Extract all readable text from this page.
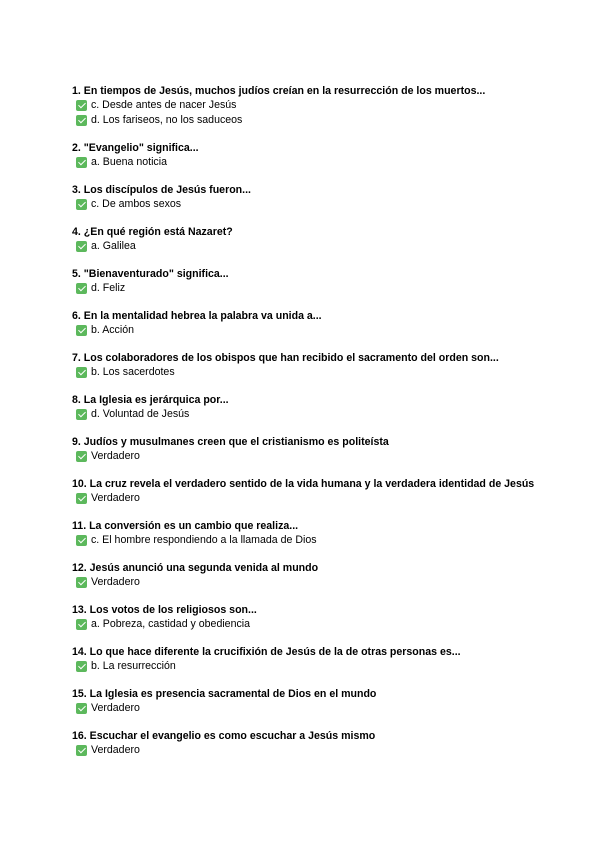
1. En tiempos de Jesús, muchos judíos creían en la resurrección de los muertos...

c. Desde antes de nacer Jesús
d. Los fariseos, no los saduceos

2. "Evangelio" significa...

a. Buena noticia

3. Los discípulos de Jesús fueron...

c. De ambos sexos

4. ¿En qué región está Nazaret?

a. Galilea

5. "Bienaventurado" significa...

d. Feliz

6. En la mentalidad hebrea la palabra va unida a...

b. Acción

7. Los colaboradores de los obispos que han recibido el sacramento del orden son...

b. Los sacerdotes

8. La Iglesia es jerárquica por...

d. Voluntad de Jesús

9. Judíos y musulmanes creen que el cristianismo es politeísta

Verdadero

10. La cruz revela el verdadero sentido de la vida humana y la verdadera identidad de Jesús

Verdadero

11. La conversión es un cambio que realiza...

c. El hombre respondiendo a la llamada de Dios

12. Jesús anunció una segunda venida al mundo

Verdadero

13. Los votos de los religiosos son...

a. Pobreza, castidad y obediencia

14. Lo que hace diferente la crucifixión de Jesús de la de otras personas es...

b. La resurrección

15. La Iglesia es presencia sacramental de Dios en el mundo

Verdadero

16. Escuchar el evangelio es como escuchar a Jesús mismo

Verdadero
